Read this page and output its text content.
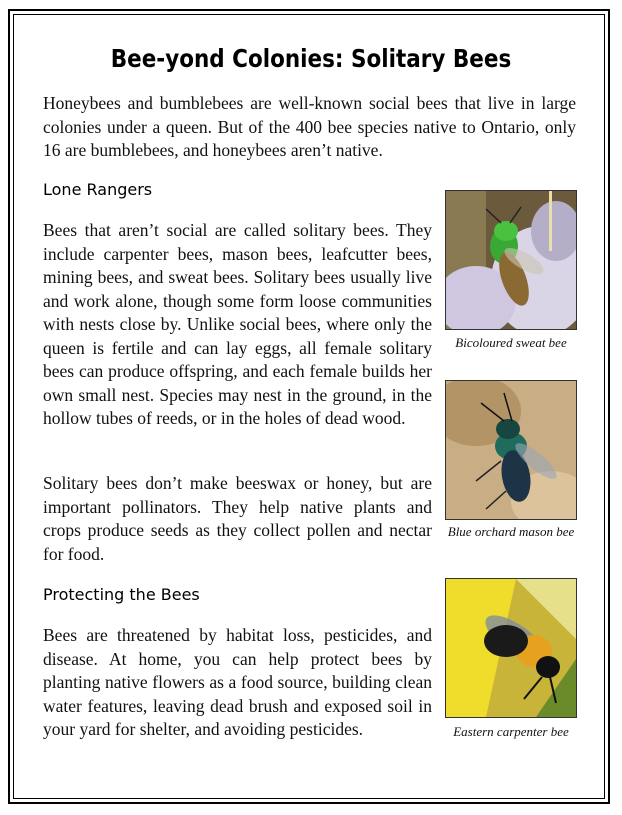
Bee-yond Colonies: Solitary Bees

Honeybees and bumblebees are well-known social bees that live in large colonies under a queen. But of the 400 bee species native to Ontario, only 16 are bumblebees, and honeybees aren’t native.

Lone Rangers

Bees that aren’t social are called solitary bees. They include carpenter bees, mason bees, leafcutter bees, mining bees, and sweat bees. Solitary bees usually live and work alone, though some form loose communities with nests close by. Unlike social bees, where only the queen is fertile and can lay eggs, all female solitary bees can produce offspring, and each female builds her own small nest. Species may nest in the ground, in the hollow tubes of reeds, or in the holes of dead wood.

Solitary bees don’t make beeswax or honey, but are important pollinators. They help native plants and crops produce seeds as they collect pollen and nectar for food.

Protecting the Bees

Bees are threatened by habitat loss, pesticides, and disease. At home, you can help protect bees by planting native flowers as a food source, building clean water features, leaving dead brush and exposed soil in your yard for shelter, and avoiding pesticides.

Bicoloured sweat bee
Blue orchard mason bee
Eastern carpenter bee
